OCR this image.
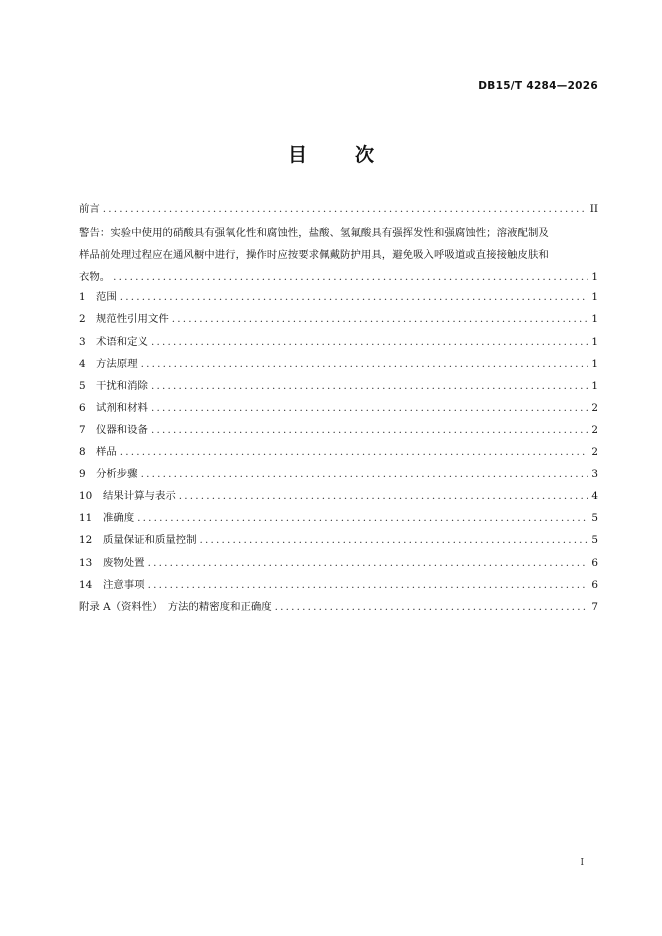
DB15/T 4284—2026
目	次
前言 .....	II
警告：实验中使用的硝酸具有强氧化性和腐蚀性，盐酸、氢氟酸具有强挥发性和强腐蚀性；溶液配制及
样品前处理过程应在通风橱中进行，操作时应按要求佩戴防护用具，避免吸入呼吸道或直接接触皮肤和
衣物。 .....	1
1 范围 .....	1
2 规范性引用文件 .....	1
3 术语和定义 .....	1
4 方法原理 .....	1
5 干扰和消除 .....	1
6 试剂和材料 .....	2
7 仪器和设备 .....	2
8 样品 .....	2
9 分析步骤 .....	3
10 结果计算与表示 .....	4
11 准确度 .....	5
12 质量保证和质量控制 .....	5
13 废物处置 .....	6
14 注意事项 .....	6
附录 A（资料性）　方法的精密度和正确度 .....	7
I
